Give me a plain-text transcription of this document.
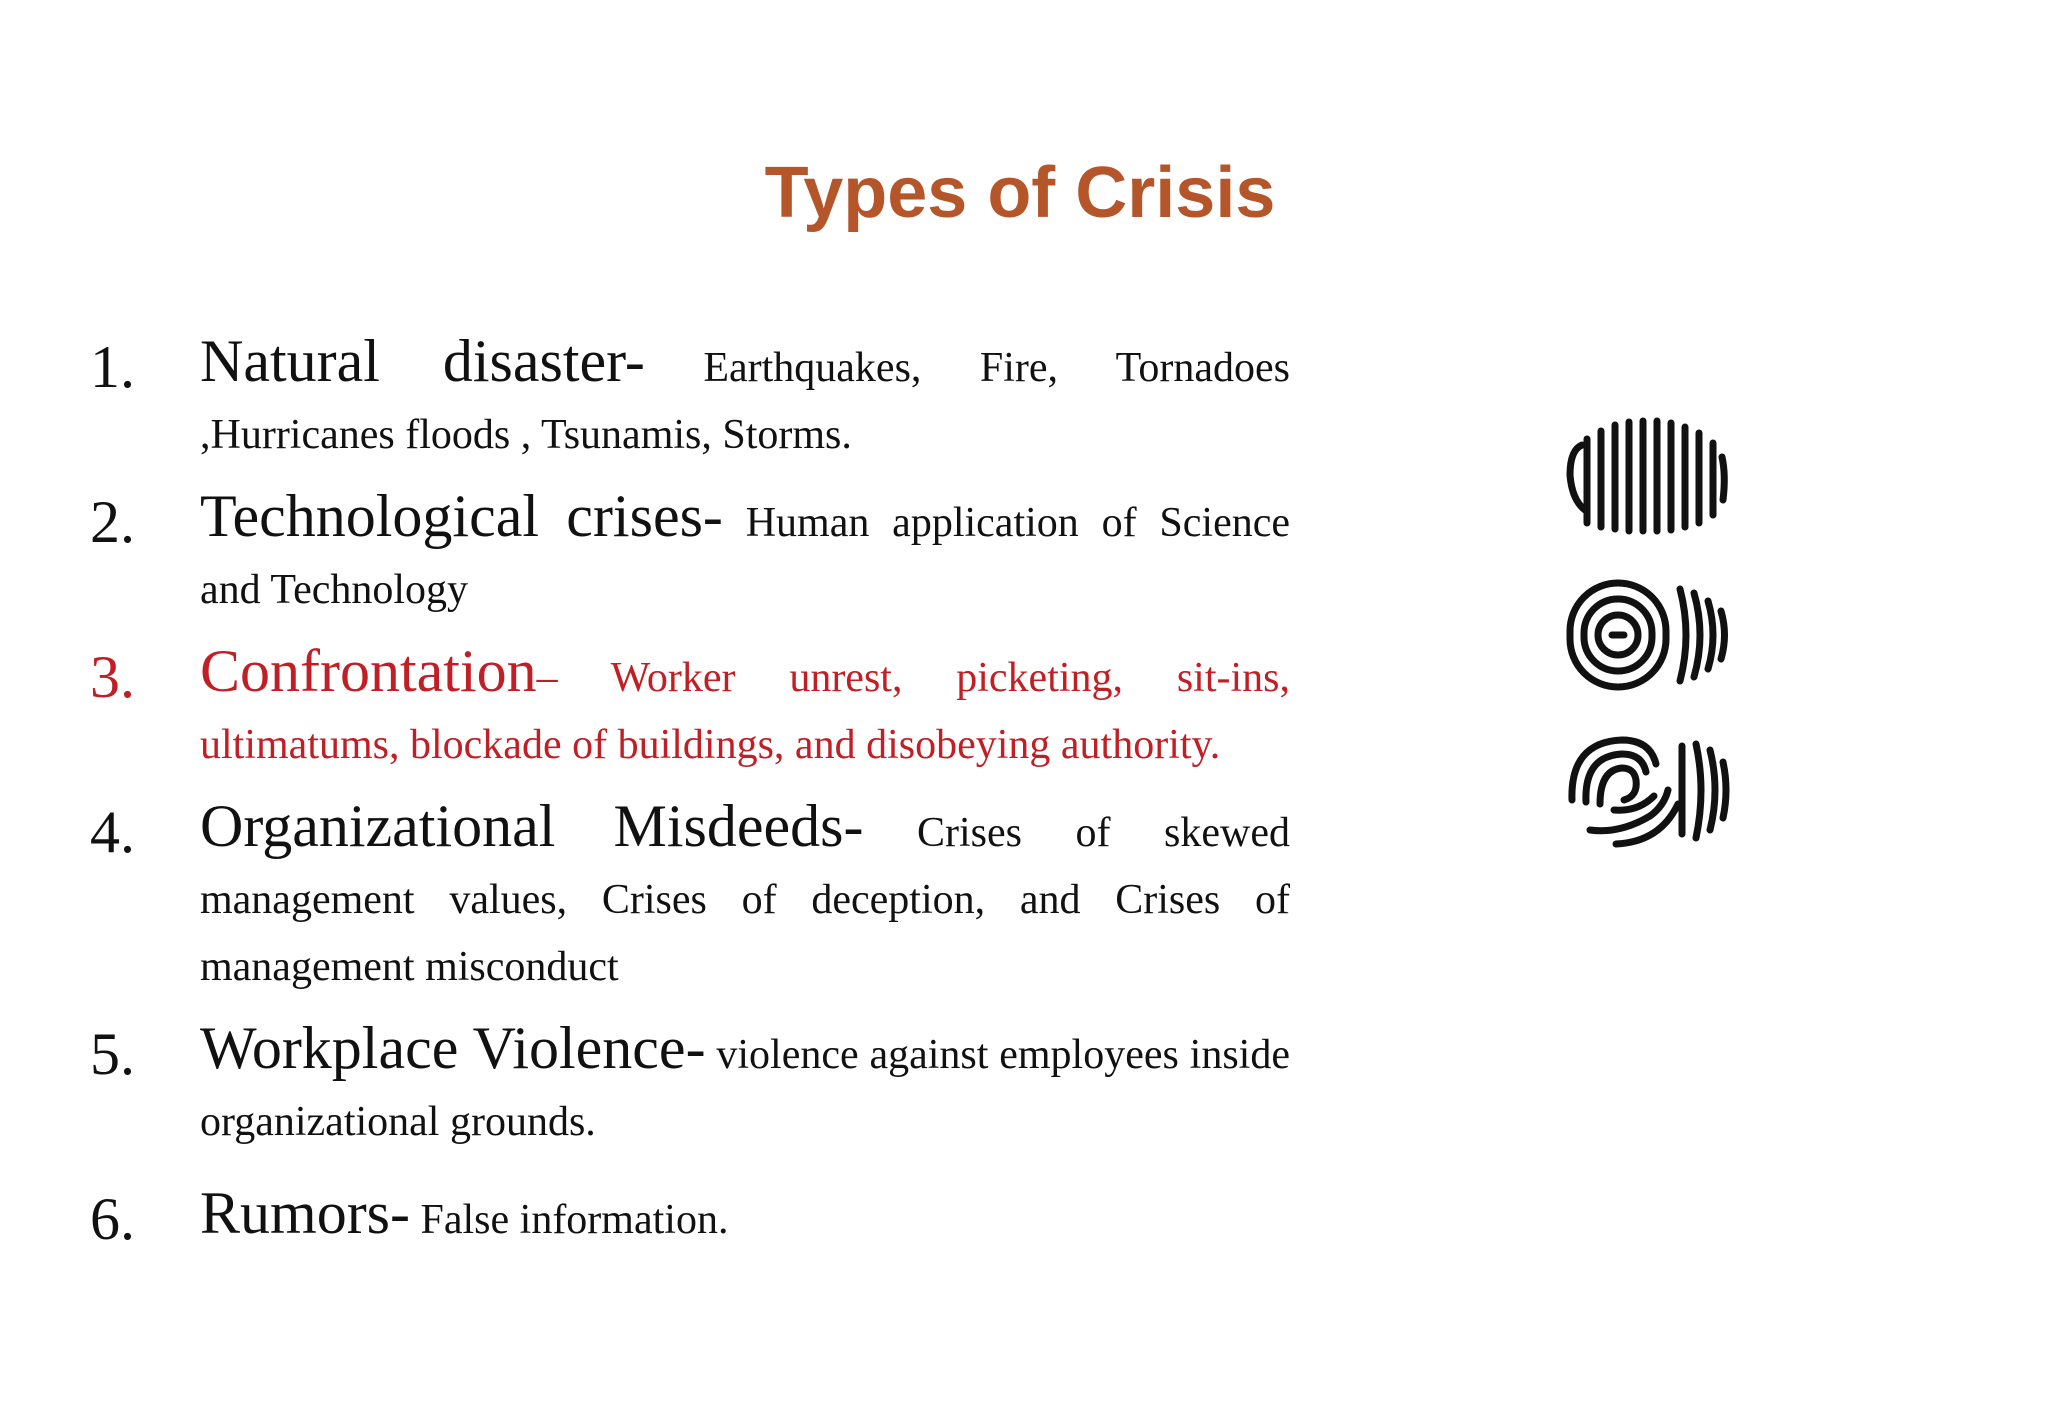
Types of Crisis
1. Natural disaster- Earthquakes, Fire, Tornadoes ,Hurricanes floods , Tsunamis, Storms.
2. Technological crises- Human application of Science and Technology
3. Confrontation– Worker unrest, picketing, sit-ins, ultimatums, blockade of buildings, and disobeying authority.
4. Organizational Misdeeds- Crises of skewed management values, Crises of deception, and Crises of management misconduct
5. Workplace Violence- violence against employees inside organizational grounds.
6. Rumors- False information.
